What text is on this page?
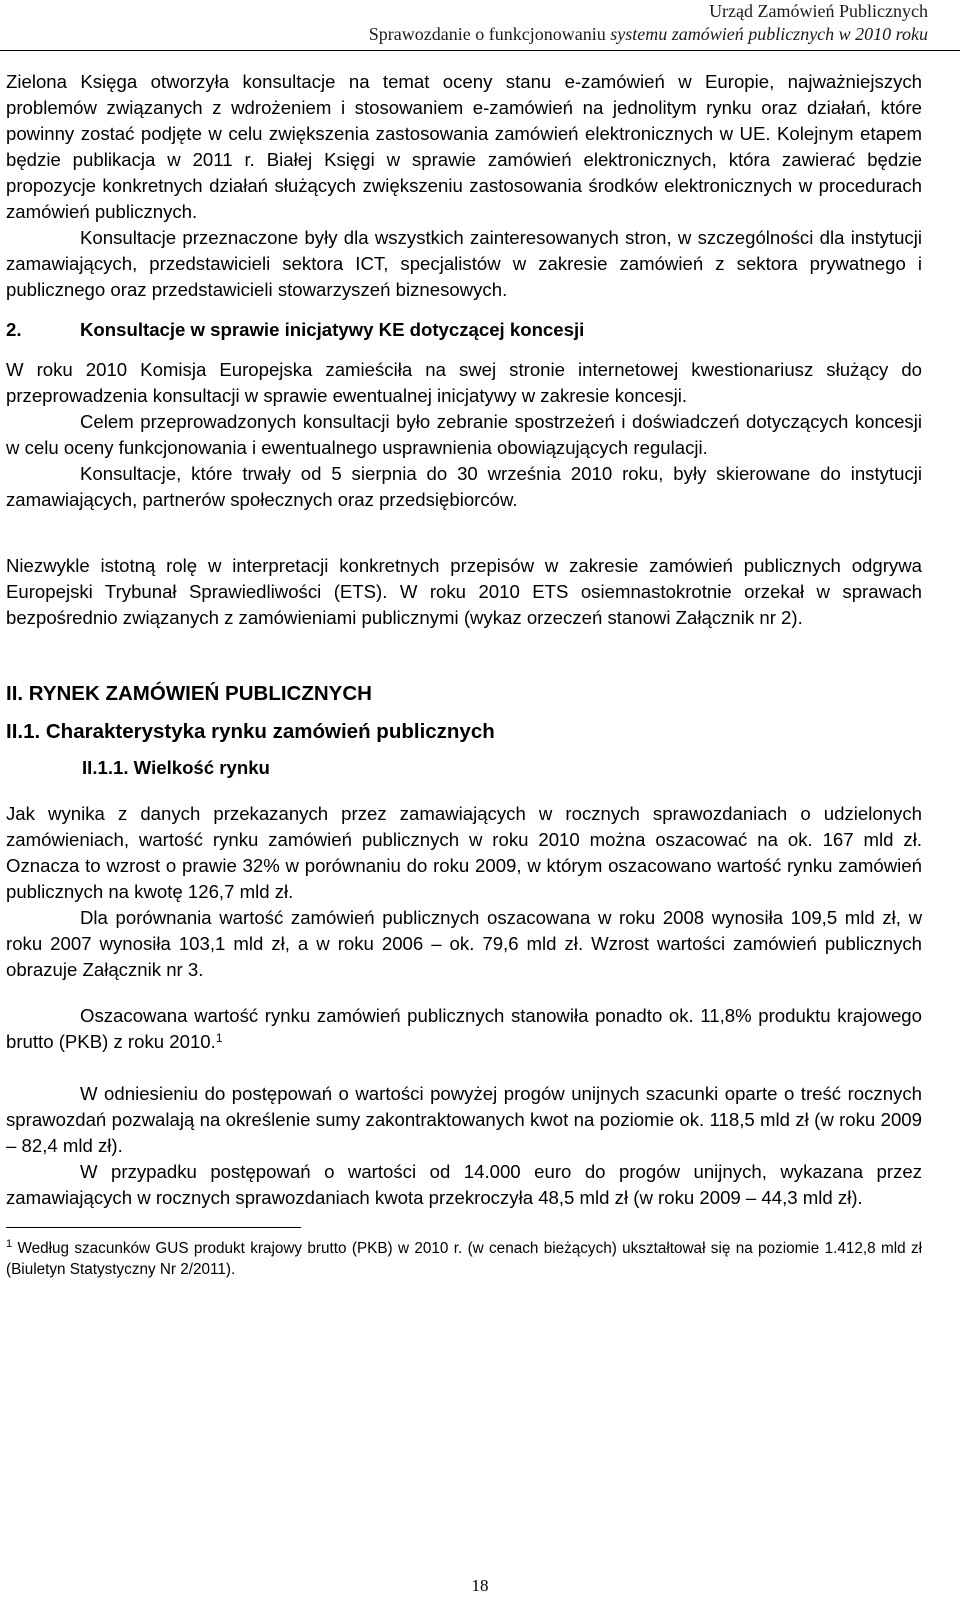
Urząd Zamówień Publicznych
Sprawozdanie o funkcjonowaniu systemu zamówień publicznych w 2010 roku

Zielona Księga otworzyła konsultacje na temat oceny stanu e-zamówień w Europie, najważniejszych problemów związanych z wdrożeniem i stosowaniem e-zamówień na jednolitym rynku oraz działań, które powinny zostać podjęte w celu zwiększenia zastosowania zamówień elektronicznych w UE. Kolejnym etapem będzie publikacja w 2011 r. Białej Księgi w sprawie zamówień elektronicznych, która zawierać będzie propozycje konkretnych działań służących zwiększeniu zastosowania środków elektronicznych w procedurach zamówień publicznych.

Konsultacje przeznaczone były dla wszystkich zainteresowanych stron, w szczególności dla instytucji zamawiających, przedstawicieli sektora ICT, specjalistów w zakresie zamówień z sektora prywatnego i publicznego oraz przedstawicieli stowarzyszeń biznesowych.

2.	Konsultacje w sprawie inicjatywy KE dotyczącej koncesji

W roku 2010 Komisja Europejska zamieściła na swej stronie internetowej kwestionariusz służący do przeprowadzenia konsultacji w sprawie ewentualnej inicjatywy w zakresie koncesji.

Celem przeprowadzonych konsultacji było zebranie spostrzeżeń i doświadczeń dotyczących koncesji w celu oceny funkcjonowania i ewentualnego usprawnienia obowiązujących regulacji.

Konsultacje, które trwały od 5 sierpnia do 30 września 2010 roku, były skierowane do instytucji zamawiających, partnerów społecznych oraz przedsiębiorców.

Niezwykle istotną rolę w interpretacji konkretnych przepisów w zakresie zamówień publicznych odgrywa Europejski Trybunał Sprawiedliwości (ETS). W roku 2010 ETS osiemnastokrotnie orzekał w sprawach bezpośrednio związanych z zamówieniami publicznymi (wykaz orzeczeń stanowi Załącznik nr 2).

II. RYNEK ZAMÓWIEŃ PUBLICZNYCH
II.1. Charakterystyka rynku zamówień publicznych
II.1.1. Wielkość rynku

Jak wynika z danych przekazanych przez zamawiających w rocznych sprawozdaniach o udzielonych zamówieniach, wartość rynku zamówień publicznych w roku 2010 można oszacować na ok. 167 mld zł. Oznacza to wzrost o prawie 32% w porównaniu do roku 2009, w którym oszacowano wartość rynku zamówień publicznych na kwotę 126,7 mld zł.

Dla porównania wartość zamówień publicznych oszacowana w roku 2008 wynosiła 109,5 mld zł, w roku 2007 wynosiła 103,1 mld zł, a w roku 2006 – ok. 79,6 mld zł. Wzrost wartości zamówień publicznych obrazuje Załącznik nr 3.

Oszacowana wartość rynku zamówień publicznych stanowiła ponadto ok. 11,8% produktu krajowego brutto (PKB) z roku 2010.$^1$

W odniesieniu do postępowań o wartości powyżej progów unijnych szacunki oparte o treść rocznych sprawozdań pozwalają na określenie sumy zakontraktowanych kwot na poziomie ok. 118,5 mld zł (w roku 2009 – 82,4 mld zł).

W przypadku postępowań o wartości od 14.000 euro do progów unijnych, wykazana przez zamawiających w rocznych sprawozdaniach kwota przekroczyła 48,5 mld zł (w roku 2009 – 44,3 mld zł).

$^1$ Według szacunków GUS produkt krajowy brutto (PKB) w 2010 r. (w cenach bieżących) ukształtował się na poziomie 1.412,8 mld zł (Biuletyn Statystyczny Nr 2/2011).
18
